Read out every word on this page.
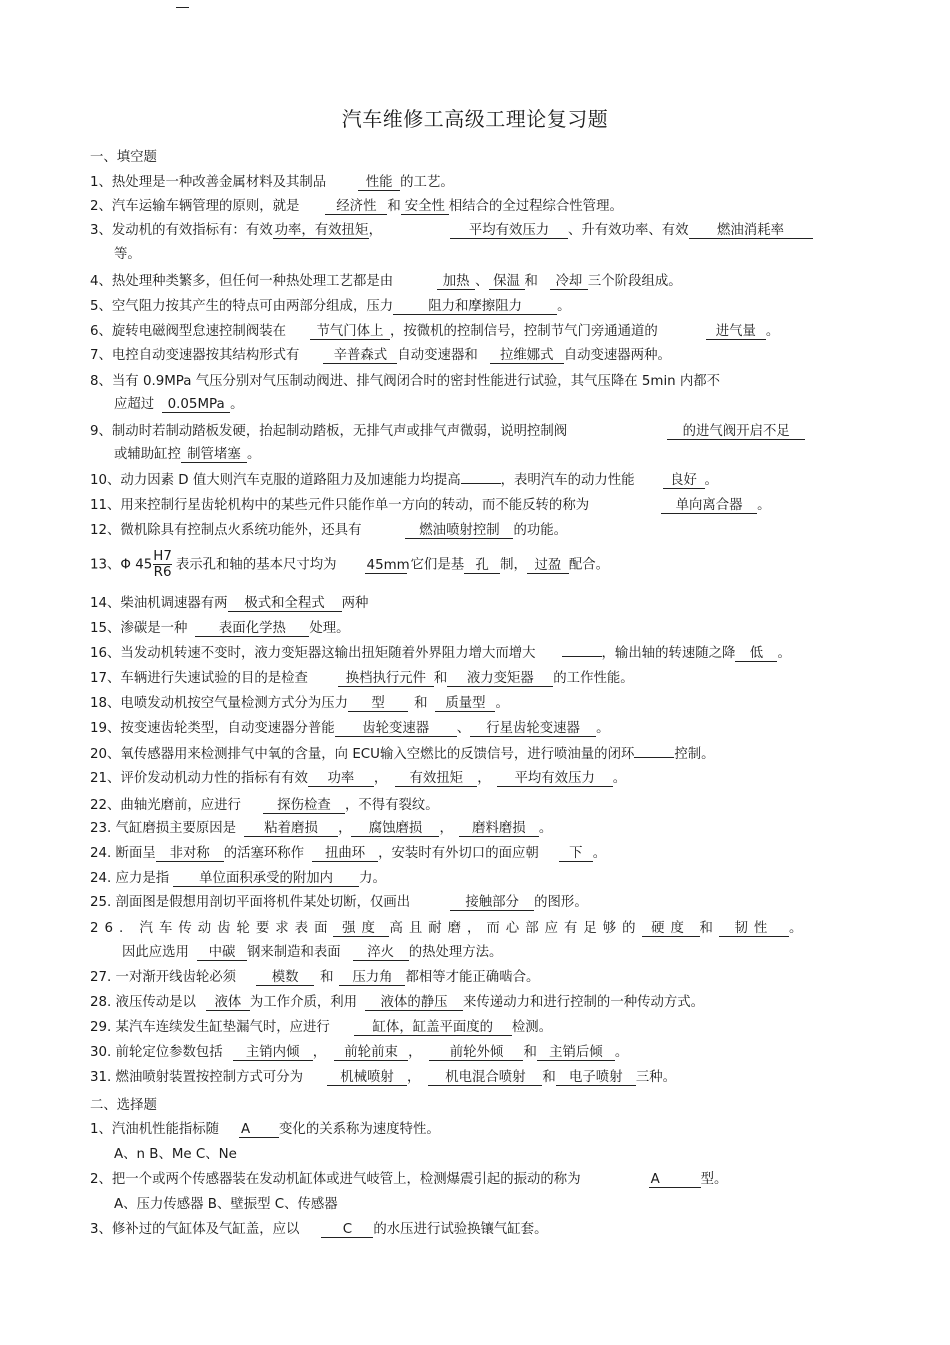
汽车维修工高级工理论复习题
一、填空题
1、热处理是一种改善金属材料及其制品	性能 的工艺。
2、汽车运输车辆管理的原则，就是	经济性 和 安全性 相结合的全过程综合性管理。
3、发动机的有效指标有：有效 功率，有效扭矩，	平均有效压力 、升有效功率、有效 燃油消耗率
等。
4、热处理种类繁多，但任何一种热处理工艺都是由	加热 、 保温 和 冷却 三个阶段组成。
5、空气阻力按其产生的特点可由两部分组成，压力	阻力和摩擦阻力	。
6、旋转电磁阀型怠速控制阀装在 节气门体上 ，按微机的控制信号，控制节气门旁通通道的	进气量 。
7、电控自动变速器按其结构形式有	辛普森式 自动变速器和 拉维娜式 自动变速器两种。
8、当有 0.9MPa 气压分别对气压制动阀进、排气阀闭合时的密封性能进行试验，其气压降在 5min 内都不
应超过 0.05MPa 。
9、制动时若制动踏板发硬，抬起制动踏板，无排气声或排气声微弱，说明控制阀	的进气阀开启不足
或辅助缸控 制管堵塞 。
10、动力因素 D 值大则汽车克服的道路阻力及加速能力均提高	，表明汽车的动力性能	良好 。
11、用来控制行星齿轮机构中的某些元件只能作单一方向的转动，而不能反转的称为	单向离合器 。
12、微机除具有控制点火系统功能外，还具有	燃油喷射控制 的功能。
13、Φ $45 \frac{H7}{R6}$ 表示孔和轴的基本尺寸均为 45mm它们是基 孔 制， 过盈 配合。
14、柴油机调速器有两 极式和全程式 两种
15、渗碳是一种 表面化学热 处理。
16、当发动机转速不变时，液力变矩器这输出扭矩随着外界阻力增大而增大	，输出轴的转速随之降 低 。
17、车辆进行失速试验的目的是检查	换档执行元件 和 液力变矩器 的工作性能。
18、电喷发动机按空气量检测方式分为压力 型 和 质量型 。
19、按变速齿轮类型，自动变速器分普能 齿轮变速器 、 行星齿轮变速器 。
20、氧传感器用来检测排气中氧的含量，向 ECU输入空燃比的反馈信号，进行喷油量的闭环	控制。
21、评价发动机动力性的指标有有效 功率 ， 有效扭矩 ， 平均有效压力 。
22、曲轴光磨前，应进行	探伤检查 ，不得有裂纹。
23. 气缸磨损主要原因是 粘着磨损 ， 腐蚀磨损 ， 磨料磨损 。
24. 断面呈 非对称 的活塞环称作 扭曲环 ，安装时有外切口的面应朝 下 。
24. 应力是指 单位面积承受的附加内 力。
25. 剖面图是假想用剖切平面将机件某处切断，仅画出	接触部分 的图形。
26. 汽车传动齿轮要求表面 强度 高且耐磨，而心部应有足够的 硬度 和 韧性 。
因此应选用 中碳 钢来制造和表面 淬火 的热处理方法。
27. 一对渐开线齿轮必须	模数 和 压力角 都相等才能正确啮合。
28. 液压传动是以 液体 为工作介质，利用 液体的静压 来传递动力和进行控制的一种传动方式。
29. 某汽车连续发生缸垫漏气时，应进行	缸体，缸盖平面度的 检测。
30. 前轮定位参数包括 主销内倾 ， 前轮前束 ， 前轮外倾 和 主销后倾 。
31. 燃油喷射装置按控制方式可分为	机械喷射 ， 机电混合喷射 和 电子喷射 三种。
二、选择题
1、汽油机性能指标随 A 变化的关系称为速度特性。
A、n B、Me C、Ne
2、把一个或两个传感器装在发动机缸体或进气岐管上，检测爆震引起的振动的称为	A	型。
A、压力传感器 B、壁振型 C、传感器
3、修补过的气缸体及气缸盖，应以	C 的水压进行试验换镶气缸套。
